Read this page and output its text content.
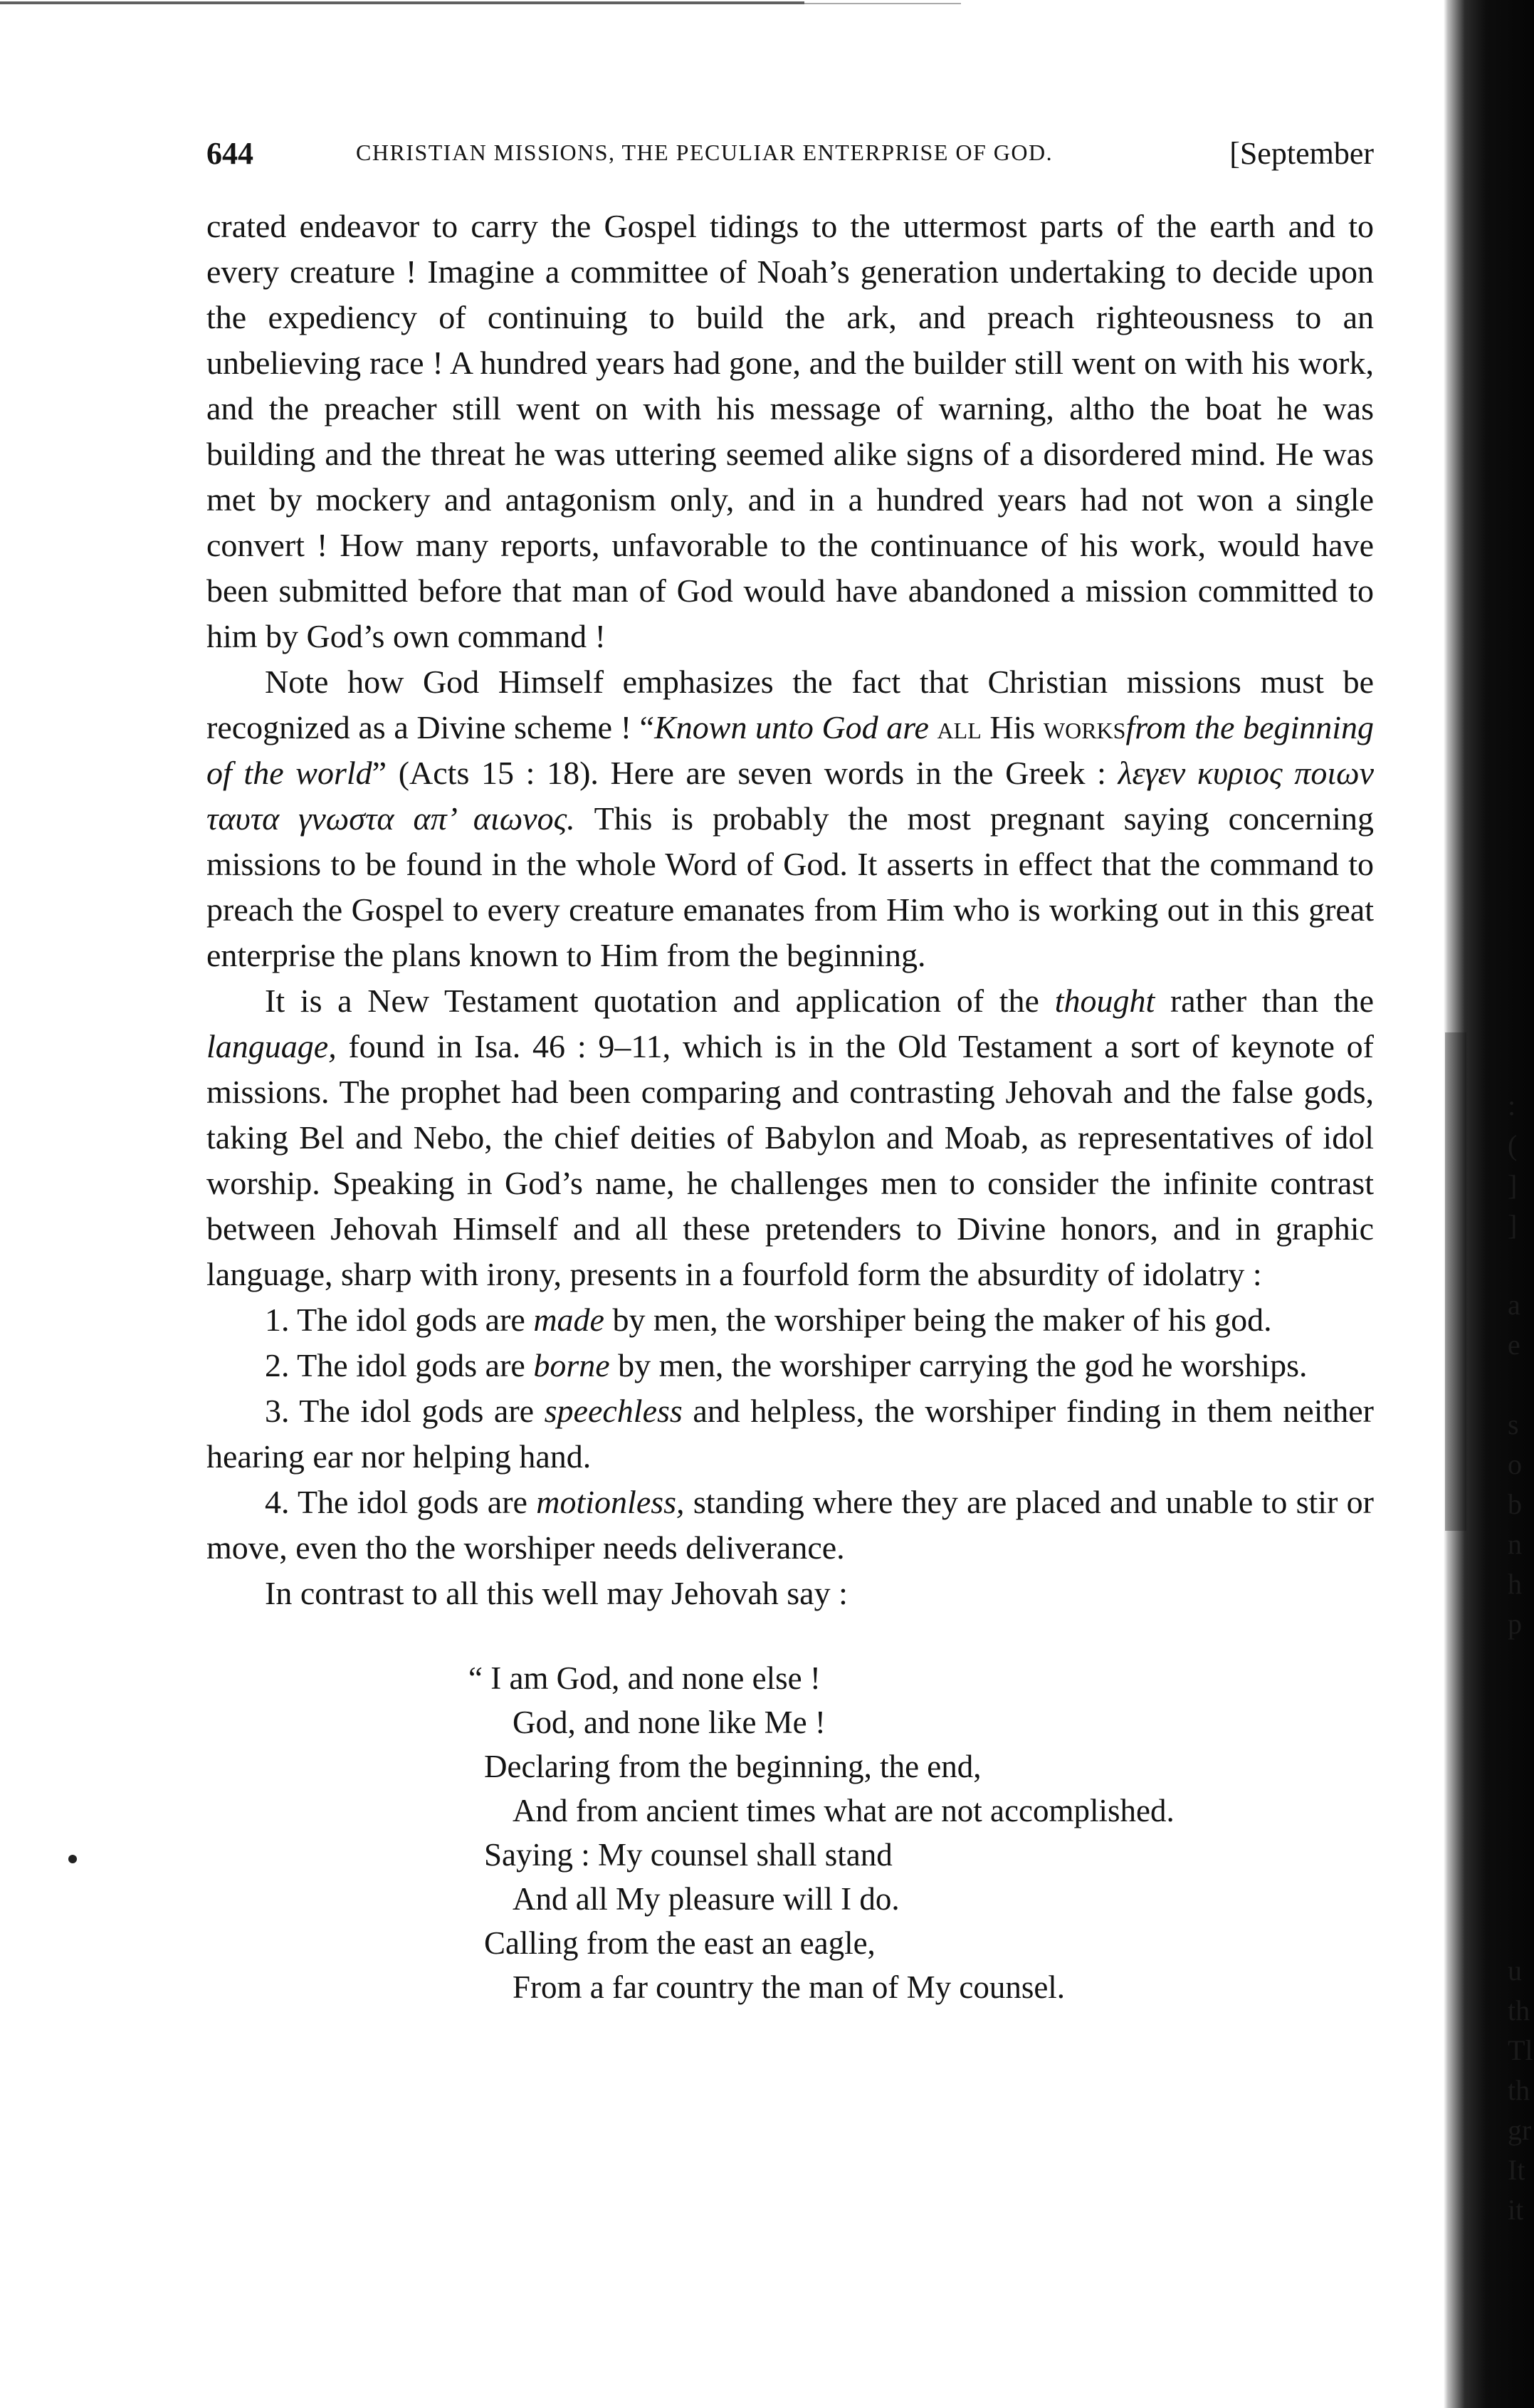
644	CHRISTIAN MISSIONS, THE PECULIAR ENTERPRISE OF GOD.	[September

crated endeavor to carry the Gospel tidings to the uttermost parts of the earth and to every creature ! Imagine a committee of Noah’s generation undertaking to decide upon the expediency of continuing to build the ark, and preach righteousness to an unbelieving race ! A hundred years had gone, and the builder still went on with his work, and the preacher still went on with his message of warning, altho the boat he was building and the threat he was uttering seemed alike signs of a disordered mind. He was met by mockery and antagonism only, and in a hundred years had not won a single convert ! How many reports, unfavorable to the continuance of his work, would have been submitted before that man of God would have abandoned a mission committed to him by God’s own command !

Note how God Himself emphasizes the fact that Christian missions must be recognized as a Divine scheme ! “Known unto God are all His worksfrom the beginning of the world” (Acts 15 : 18). Here are seven words in the Greek : λεγεν κυριος ποιων ταυτα γνωστα απ’ αιωνος. This is probably the most pregnant saying concerning missions to be found in the whole Word of God. It asserts in effect that the command to preach the Gospel to every creature emanates from Him who is working out in this great enterprise the plans known to Him from the beginning.

It is a New Testament quotation and application of the thought rather than the language, found in Isa. 46 : 9–11, which is in the Old Testament a sort of keynote of missions. The prophet had been comparing and contrasting Jehovah and the false gods, taking Bel and Nebo, the chief deities of Babylon and Moab, as representatives of idol worship. Speaking in God’s name, he challenges men to consider the infinite contrast between Jehovah Himself and all these pretenders to Divine honors, and in graphic language, sharp with irony, presents in a fourfold form the absurdity of idolatry :

1. The idol gods are made by men, the worshiper being the maker of his god.

2. The idol gods are borne by men, the worshiper carrying the god he worships.

3. The idol gods are speechless and helpless, the worshiper finding in them neither hearing ear nor helping hand.

4. The idol gods are motionless, standing where they are placed and unable to stir or move, even tho the worshiper needs deliverance.

In contrast to all this well may Jehovah say :

“ I am God, and none else !
God, and none like Me !
Declaring from the beginning, the end,
And from ancient times what are not accomplished.
Saying : My counsel shall stand
And all My pleasure will I do.
Calling from the east an eagle,
From a far country the man of My counsel.
:
(
]
]

a
e

s
o
b
n
h
p
u
th
Tl
th
gr
It
it
